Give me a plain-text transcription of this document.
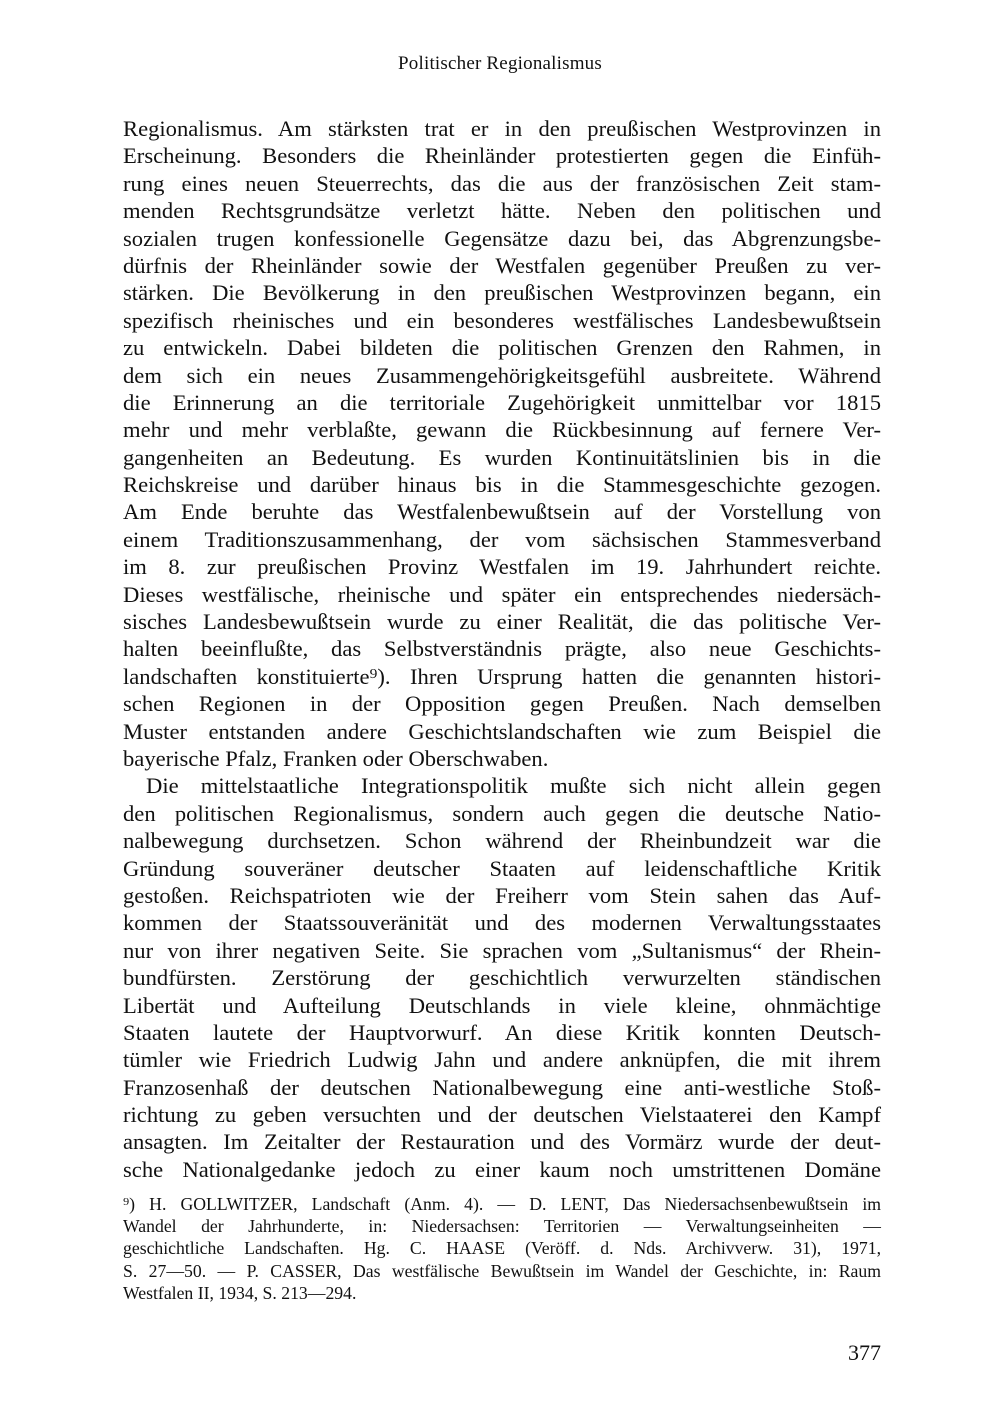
Politischer Regionalismus
Regionalismus. Am stärksten trat er in den preußischen Westprovinzen in
Erscheinung. Besonders die Rheinländer protestierten gegen die Einfüh-
rung eines neuen Steuerrechts, das die aus der französischen Zeit stam-
menden Rechtsgrundsätze verletzt hätte. Neben den politischen und
sozialen trugen konfessionelle Gegensätze dazu bei, das Abgrenzungsbe-
dürfnis der Rheinländer sowie der Westfalen gegenüber Preußen zu ver-
stärken. Die Bevölkerung in den preußischen Westprovinzen begann, ein
spezifisch rheinisches und ein besonderes westfälisches Landesbewußtsein
zu entwickeln. Dabei bildeten die politischen Grenzen den Rahmen, in
dem sich ein neues Zusammengehörigkeitsgefühl ausbreitete. Während
die Erinnerung an die territoriale Zugehörigkeit unmittelbar vor 1815
mehr und mehr verblaßte, gewann die Rückbesinnung auf fernere Ver-
gangenheiten an Bedeutung. Es wurden Kontinuitätslinien bis in die
Reichskreise und darüber hinaus bis in die Stammesgeschichte gezogen.
Am Ende beruhte das Westfalenbewußtsein auf der Vorstellung von
einem Traditionszusammenhang, der vom sächsischen Stammesverband
im 8. zur preußischen Provinz Westfalen im 19. Jahrhundert reichte.
Dieses westfälische, rheinische und später ein entsprechendes niedersäch-
sisches Landesbewußtsein wurde zu einer Realität, die das politische Ver-
halten beeinflußte, das Selbstverständnis prägte, also neue Geschichts-
landschaften konstituierte⁹). Ihren Ursprung hatten die genannten histori-
schen Regionen in der Opposition gegen Preußen. Nach demselben
Muster entstanden andere Geschichtslandschaften wie zum Beispiel die
bayerische Pfalz, Franken oder Oberschwaben.
Die mittelstaatliche Integrationspolitik mußte sich nicht allein gegen
den politischen Regionalismus, sondern auch gegen die deutsche Natio-
nalbewegung durchsetzen. Schon während der Rheinbundzeit war die
Gründung souveräner deutscher Staaten auf leidenschaftliche Kritik
gestoßen. Reichspatrioten wie der Freiherr vom Stein sahen das Auf-
kommen der Staatssouveränität und des modernen Verwaltungsstaates
nur von ihrer negativen Seite. Sie sprachen vom „Sultanismus“ der Rhein-
bundfürsten. Zerstörung der geschichtlich verwurzelten ständischen
Libertät und Aufteilung Deutschlands in viele kleine, ohnmächtige
Staaten lautete der Hauptvorwurf. An diese Kritik konnten Deutsch-
tümler wie Friedrich Ludwig Jahn und andere anknüpfen, die mit ihrem
Franzosenhaß der deutschen Nationalbewegung eine anti-westliche Stoß-
richtung zu geben versuchten und der deutschen Vielstaaterei den Kampf
ansagten. Im Zeitalter der Restauration und des Vormärz wurde der deut-
sche Nationalgedanke jedoch zu einer kaum noch umstrittenen Domäne
⁹) H. GOLLWITZER, Landschaft (Anm. 4). — D. LENT, Das Niedersachsenbewußtsein im
Wandel der Jahrhunderte, in: Niedersachsen: Territorien — Verwaltungseinheiten —
geschichtliche Landschaften. Hg. C. HAASE (Veröff. d. Nds. Archivverw. 31), 1971,
S. 27—50. — P. CASSER, Das westfälische Bewußtsein im Wandel der Geschichte, in: Raum
Westfalen II, 1934, S. 213—294.
377
